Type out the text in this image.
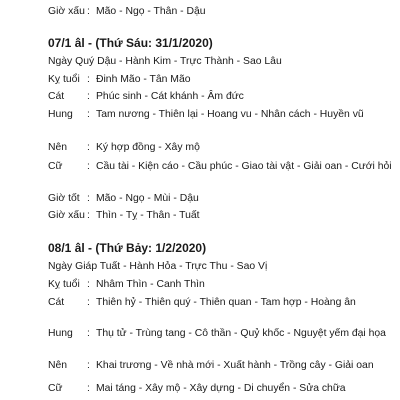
Giờ xấu : Mão - Ngọ - Thân - Dậu
07/1 âl - (Thứ Sáu: 31/1/2020)
Ngày Quý Dậu - Hành Kim - Trực Thành - Sao Lâu
Kỵ tuổi : Đinh Mão - Tân Mão
Cát : Phúc sinh - Cát khánh - Âm đức
Hung : Tam nương - Thiên lại - Hoang vu - Nhân cách - Huyền vũ
Nên : Ký hợp đồng - Xây mộ
Cữ : Cầu tài - Kiện cáo - Cầu phúc - Giao tài vật - Giải oan - Cưới hỏi
Giờ tốt : Mão - Ngọ - Mùi - Dậu
Giờ xấu : Thìn - Tỵ - Thân - Tuất
08/1 âl - (Thứ Bảy: 1/2/2020)
Ngày Giáp Tuất - Hành Hỏa - Trực Thu - Sao Vị
Kỵ tuổi : Nhâm Thìn - Canh Thìn
Cát : Thiên hỷ - Thiên quý - Thiên quan - Tam hợp - Hoàng ân
Hung : Thụ tử - Trùng tang - Cô thần - Quỷ khốc - Nguyệt yếm đại họa
Nên : Khai trương - Về nhà mới - Xuất hành - Trồng cây - Giải oan
Cữ : Mai táng - Xây mộ - Xây dựng - Di chuyển - Sửa chữa
